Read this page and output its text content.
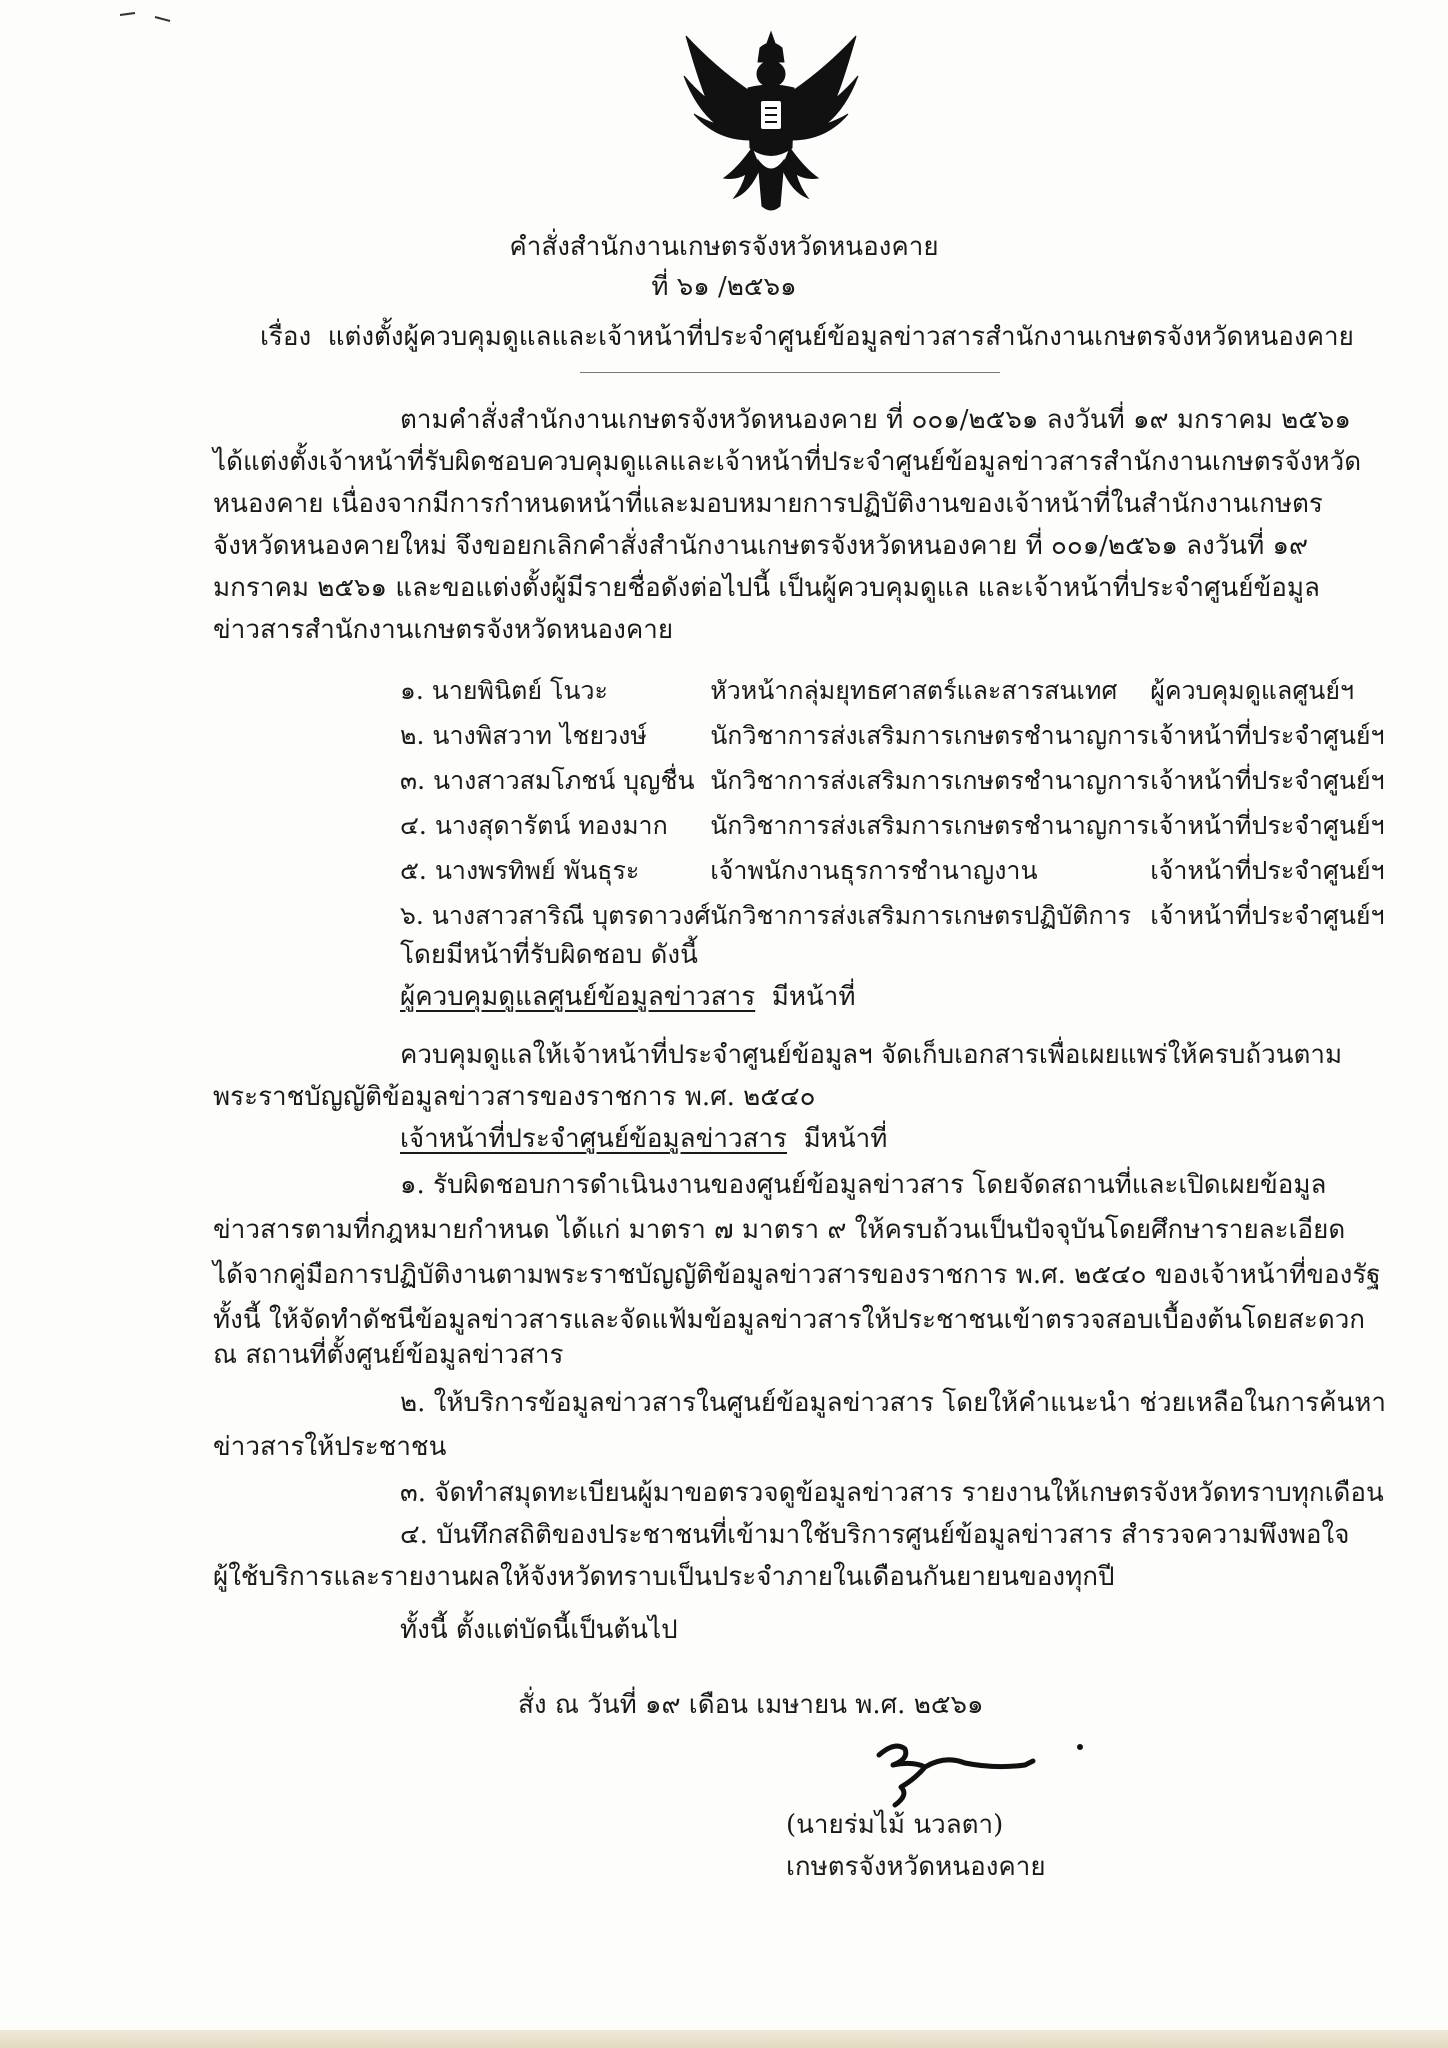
คำสั่งสำนักงานเกษตรจังหวัดหนองคาย
ที่ ๖๑ /๒๕๖๑
เรื่อง แต่งตั้งผู้ควบคุมดูแลและเจ้าหน้าที่ประจำศูนย์ข้อมูลข่าวสารสำนักงานเกษตรจังหวัดหนองคาย
ตามคำสั่งสำนักงานเกษตรจังหวัดหนองคาย ที่ ๐๐๑/๒๕๖๑ ลงวันที่ ๑๙ มกราคม ๒๕๖๑
ได้แต่งตั้งเจ้าหน้าที่รับผิดชอบควบคุมดูแลและเจ้าหน้าที่ประจำศูนย์ข้อมูลข่าวสารสำนักงานเกษตรจังหวัด
หนองคาย เนื่องจากมีการกำหนดหน้าที่และมอบหมายการปฏิบัติงานของเจ้าหน้าที่ในสำนักงานเกษตร
จังหวัดหนองคายใหม่ จึงขอยกเลิกคำสั่งสำนักงานเกษตรจังหวัดหนองคาย ที่ ๐๐๑/๒๕๖๑ ลงวันที่ ๑๙
มกราคม ๒๕๖๑ และขอแต่งตั้งผู้มีรายชื่อดังต่อไปนี้ เป็นผู้ควบคุมดูแล และเจ้าหน้าที่ประจำศูนย์ข้อมูล
ข่าวสารสำนักงานเกษตรจังหวัดหนองคาย
๑. นายพินิตย์ โนวะ	หัวหน้ากลุ่มยุทธศาสตร์และสารสนเทศ	ผู้ควบคุมดูแลศูนย์ฯ
๒. นางพิสวาท ไชยวงษ์	นักวิชาการส่งเสริมการเกษตรชำนาญการ	เจ้าหน้าที่ประจำศูนย์ฯ
๓. นางสาวสมโภชน์ บุญชื่น	นักวิชาการส่งเสริมการเกษตรชำนาญการ	เจ้าหน้าที่ประจำศูนย์ฯ
๔. นางสุดารัตน์ ทองมาก	นักวิชาการส่งเสริมการเกษตรชำนาญการ	เจ้าหน้าที่ประจำศูนย์ฯ
๕. นางพรทิพย์ พันธุระ	เจ้าพนักงานธุรการชำนาญงาน	เจ้าหน้าที่ประจำศูนย์ฯ
๖. นางสาวสาริณี บุตรดาวงศ์	นักวิชาการส่งเสริมการเกษตรปฏิบัติการ	เจ้าหน้าที่ประจำศูนย์ฯ
โดยมีหน้าที่รับผิดชอบ ดังนี้
ผู้ควบคุมดูแลศูนย์ข้อมูลข่าวสาร มีหน้าที่
ควบคุมดูแลให้เจ้าหน้าที่ประจำศูนย์ข้อมูลฯ จัดเก็บเอกสารเพื่อเผยแพร่ให้ครบถ้วนตาม
พระราชบัญญัติข้อมูลข่าวสารของราชการ พ.ศ. ๒๕๔๐
เจ้าหน้าที่ประจำศูนย์ข้อมูลข่าวสาร มีหน้าที่
๑. รับผิดชอบการดำเนินงานของศูนย์ข้อมูลข่าวสาร โดยจัดสถานที่และเปิดเผยข้อมูล
ข่าวสารตามที่กฎหมายกำหนด ได้แก่ มาตรา ๗ มาตรา ๙ ให้ครบถ้วนเป็นปัจจุบันโดยศึกษารายละเอียด
ได้จากคู่มือการปฏิบัติงานตามพระราชบัญญัติข้อมูลข่าวสารของราชการ พ.ศ. ๒๕๔๐ ของเจ้าหน้าที่ของรัฐ
ทั้งนี้ ให้จัดทำดัชนีข้อมูลข่าวสารและจัดแฟ้มข้อมูลข่าวสารให้ประชาชนเข้าตรวจสอบเบื้องต้นโดยสะดวก
ณ สถานที่ตั้งศูนย์ข้อมูลข่าวสาร
๒. ให้บริการข้อมูลข่าวสารในศูนย์ข้อมูลข่าวสาร โดยให้คำแนะนำ ช่วยเหลือในการค้นหา
ข่าวสารให้ประชาชน
๓. จัดทำสมุดทะเบียนผู้มาขอตรวจดูข้อมูลข่าวสาร รายงานให้เกษตรจังหวัดทราบทุกเดือน
๔. บันทึกสถิติของประชาชนที่เข้ามาใช้บริการศูนย์ข้อมูลข่าวสาร สำรวจความพึงพอใจ
ผู้ใช้บริการและรายงานผลให้จังหวัดทราบเป็นประจำภายในเดือนกันยายนของทุกปี
ทั้งนี้ ตั้งแต่บัดนี้เป็นต้นไป
สั่ง ณ วันที่ ๑๙ เดือน เมษายน พ.ศ. ๒๕๖๑
(นายร่มไม้ นวลตา)
เกษตรจังหวัดหนองคาย
